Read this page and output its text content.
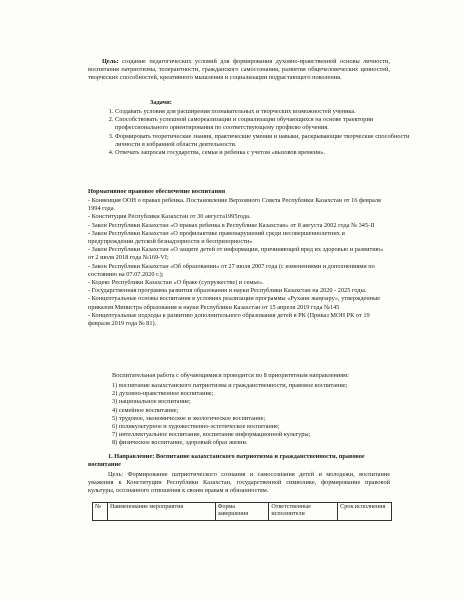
Цель: создание педагогических условий для формирования духовно-нравственной основы личности, воспитания патриотизма, толерантности, гражданского самосознания, развития общечеловеческих ценностей, творческих способностей, креативного мышления и социализации подрастающего поколения.

Задачи:
1. Создавать условия для расширения познавательных и творческих возможностей ученика.
2. Способствовать успешной самореализации и социализации обучающихся на основе траектории профессионального ориентирования по соответствующему профилю обучения.
3. Формировать теоретические знания, практические умения и навыки, раскрывающие творческие способности личности в избранной области деятельности.
4. Отвечать запросам государства, семьи и ребенка с учетом «вызовов времени».
Нормативное правовое обеспечение воспитания
- Конвенция ООН о правах ребенка. Постановление Верховного Совета Республики Казахстан от 16 февраля 1994 года.
- Конституция Республики Казахстан от 30 августа1995года.
- Закон Республики Казахстан «О правах ребенка в Республике Казахстан» от 8 августа 2002 года № 345-II
- Закон Республики Казахстан «О профилактике правонарушений среди несовершеннолетних и предупреждении детской безнадзорности и беспризорности»
- Закон Республики Казахстан «О защите детей от информации, причиняющей вред их здоровью и развитию» от 2 июля 2018 года №169-VI;
- Закон Республики Казахстан «Об образовании» от 27 июля 2007 года (с изменениями и дополнениями по состоянию на 07.07.2020 г.);
- Кодекс Республики Казахстан «О браке (супружестве) и семье».
- Государственная программа развития образования и науки Республики Казахстан на 2020 - 2025 годы.
- Концептуальные основы воспитания в условиях реализации программы «Рухани жаңғыру», утвержденные приказом Министра образования и науки Республики Казахстан от 15 апреля 2019 года №145
- Концептуальные подходы к развитию дополнительного образования детей в РК (Приказ МОН РК от 19 февраля 2019 года № 81).
Воспитательная работа с обучающимися проводится по 8 приоритетным направлениям:
1) воспитание казахстанского патриотизма и гражданственности, правовое воспитание;
2) духовно-нравственное воспитание;
3) национальное воспитание;
4) семейное воспитание;
5) трудовое, экономическое и экологическое воспитание;
6) поликультурное и художественно-эстетическое воспитание;
7) интеллектуальное воспитание, воспитание информационной культуры;
8) физическое воспитание, здоровый образ жизни.
1. Направление: Воспитание казахстанского патриотизма и гражданственности, правовое воспитание

Цель: Формирование патриотического сознания и самосознания детей и молодежи, воспитание уважения к Конституции Республики Казахстан, государственной символике, формирование правовой культуры, осознанного отношения к своим правам и обязанностям.

№	Наименование мероприятия	Форма завершения	Ответственные исполнители	Срок исполнения
